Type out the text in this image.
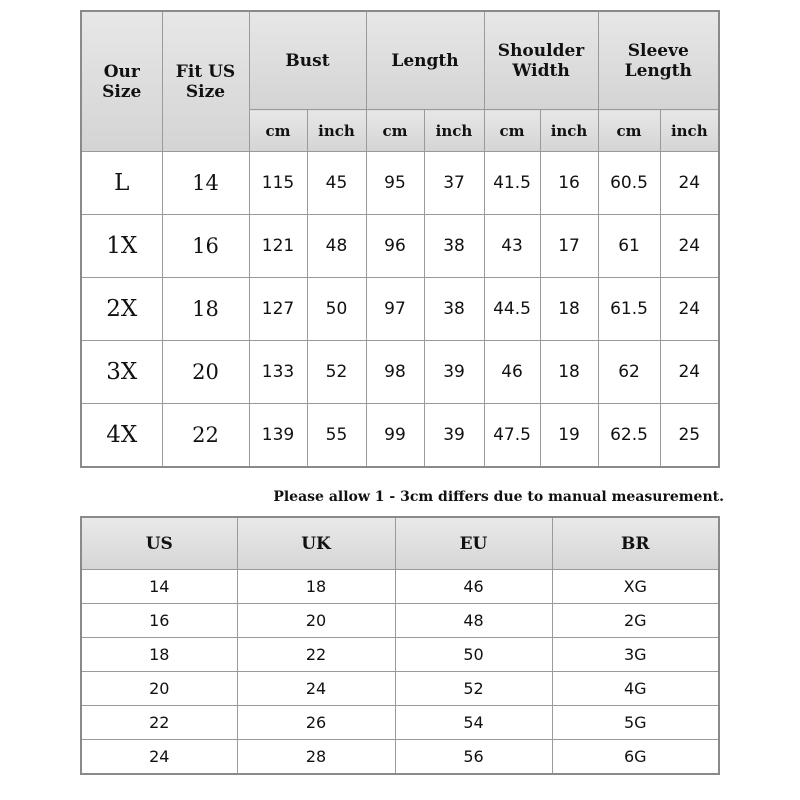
Our Size	Fit US Size	Bust		Length		Shoulder Width		Sleeve Length	
		cm	inch	cm	inch	cm	inch	cm	inch
L	14	115	45	95	37	41.5	16	60.5	24
1X	16	121	48	96	38	43	17	61	24
2X	18	127	50	97	38	44.5	18	61.5	24
3X	20	133	52	98	39	46	18	62	24
4X	22	139	55	99	39	47.5	19	62.5	25
Please allow 1 - 3cm differs due to manual measurement.
US	UK	EU	BR
14	18	46	XG
16	20	48	2G
18	22	50	3G
20	24	52	4G
22	26	54	5G
24	28	56	6G
